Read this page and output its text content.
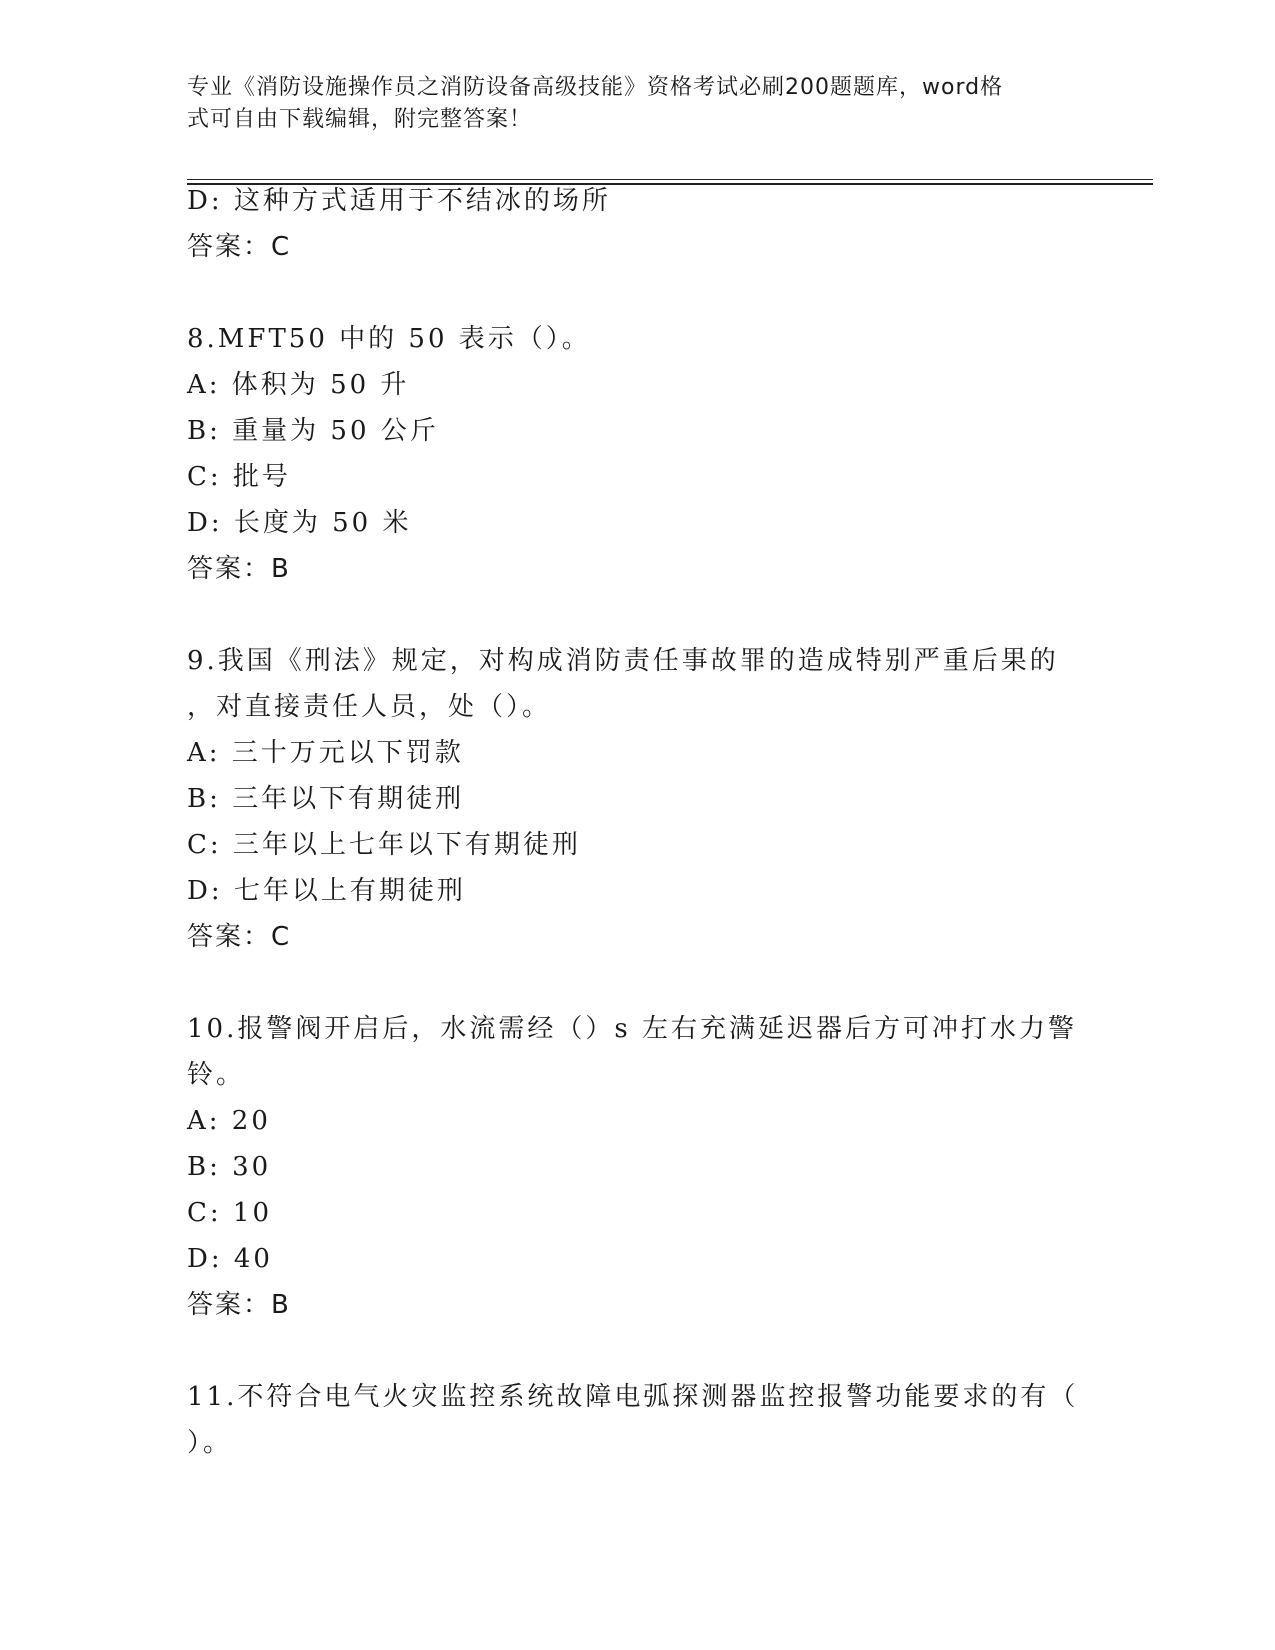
专业《消防设施操作员之消防设备高级技能》资格考试必刷200题题库，word格
式可自由下载编辑，附完整答案！
D: 这种方式适用于不结冰的场所
答案：C
8.MFT50 中的 50 表示（）。
A: 体积为 50 升
B: 重量为 50 公斤
C: 批号
D: 长度为 50 米
答案：B
9.我国《刑法》规定，对构成消防责任事故罪的造成特别严重后果的
，对直接责任人员，处（）。
A: 三十万元以下罚款
B: 三年以下有期徒刑
C: 三年以上七年以下有期徒刑
D: 七年以上有期徒刑
答案：C
10.报警阀开启后，水流需经（）s 左右充满延迟器后方可冲打水力警
铃。
A: 20
B: 30
C: 10
D: 40
答案：B
11.不符合电气火灾监控系统故障电弧探测器监控报警功能要求的有（
）。
